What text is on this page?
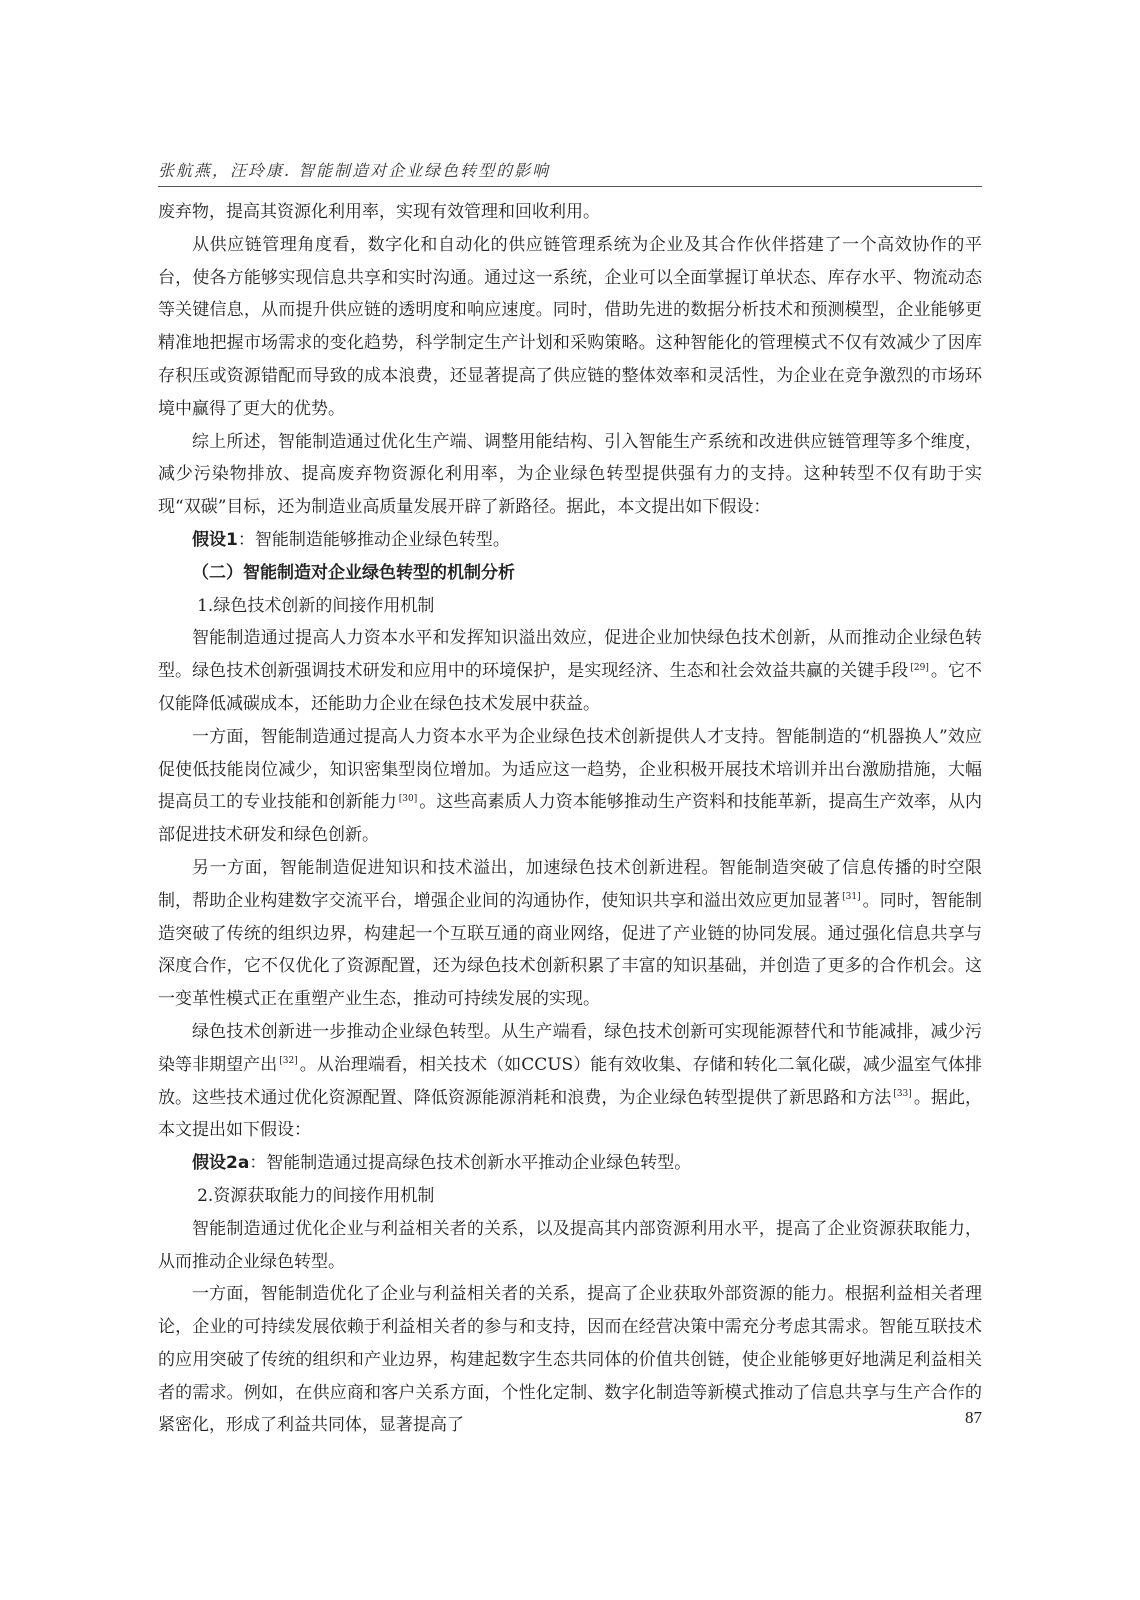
张航燕，汪玲康. 智能制造对企业绿色转型的影响

废弃物，提高其资源化利用率，实现有效管理和回收利用。

从供应链管理角度看，数字化和自动化的供应链管理系统为企业及其合作伙伴搭建了一个高效协作的平台，使各方能够实现信息共享和实时沟通。通过这一系统，企业可以全面掌握订单状态、库存水平、物流动态等关键信息，从而提升供应链的透明度和响应速度。同时，借助先进的数据分析技术和预测模型，企业能够更精准地把握市场需求的变化趋势，科学制定生产计划和采购策略。这种智能化的管理模式不仅有效减少了因库存积压或资源错配而导致的成本浪费，还显著提高了供应链的整体效率和灵活性，为企业在竞争激烈的市场环境中赢得了更大的优势。

综上所述，智能制造通过优化生产端、调整用能结构、引入智能生产系统和改进供应链管理等多个维度，减少污染物排放、提高废弃物资源化利用率，为企业绿色转型提供强有力的支持。这种转型不仅有助于实现“双碳”目标，还为制造业高质量发展开辟了新路径。据此，本文提出如下假设：

假设1：智能制造能够推动企业绿色转型。

（二）智能制造对企业绿色转型的机制分析

1.绿色技术创新的间接作用机制

智能制造通过提高人力资本水平和发挥知识溢出效应，促进企业加快绿色技术创新，从而推动企业绿色转型。绿色技术创新强调技术研发和应用中的环境保护，是实现经济、生态和社会效益共赢的关键手段 [29] 。它不仅能降低减碳成本，还能助力企业在绿色技术发展中获益。

一方面，智能制造通过提高人力资本水平为企业绿色技术创新提供人才支持。智能制造的“机器换人”效应促使低技能岗位减少，知识密集型岗位增加。为适应这一趋势，企业积极开展技术培训并出台激励措施，大幅提高员工的专业技能和创新能力 [30] 。这些高素质人力资本能够推动生产资料和技能革新，提高生产效率，从内部促进技术研发和绿色创新。

另一方面，智能制造促进知识和技术溢出，加速绿色技术创新进程。智能制造突破了信息传播的时空限制，帮助企业构建数字交流平台，增强企业间的沟通协作，使知识共享和溢出效应更加显著 [31] 。同时，智能制造突破了传统的组织边界，构建起一个互联互通的商业网络，促进了产业链的协同发展。通过强化信息共享与深度合作，它不仅优化了资源配置，还为绿色技术创新积累了丰富的知识基础，并创造了更多的合作机会。这一变革性模式正在重塑产业生态，推动可持续发展的实现。

绿色技术创新进一步推动企业绿色转型。从生产端看，绿色技术创新可实现能源替代和节能减排，减少污染等非期望产出 [32] 。从治理端看，相关技术（如CCUS）能有效收集、存储和转化二氧化碳，减少温室气体排放。这些技术通过优化资源配置、降低资源能源消耗和浪费，为企业绿色转型提供了新思路和方法 [33] 。据此，本文提出如下假设：

假设2a：智能制造通过提高绿色技术创新水平推动企业绿色转型。

2.资源获取能力的间接作用机制

智能制造通过优化企业与利益相关者的关系，以及提高其内部资源利用水平，提高了企业资源获取能力，从而推动企业绿色转型。

一方面，智能制造优化了企业与利益相关者的关系，提高了企业获取外部资源的能力。根据利益相关者理论，企业的可持续发展依赖于利益相关者的参与和支持，因而在经营决策中需充分考虑其需求。智能互联技术的应用突破了传统的组织和产业边界，构建起数字生态共同体的价值共创链，使企业能够更好地满足利益相关者的需求。例如，在供应商和客户关系方面，个性化定制、数字化制造等新模式推动了信息共享与生产合作的紧密化，形成了利益共同体，显著提高了	87
